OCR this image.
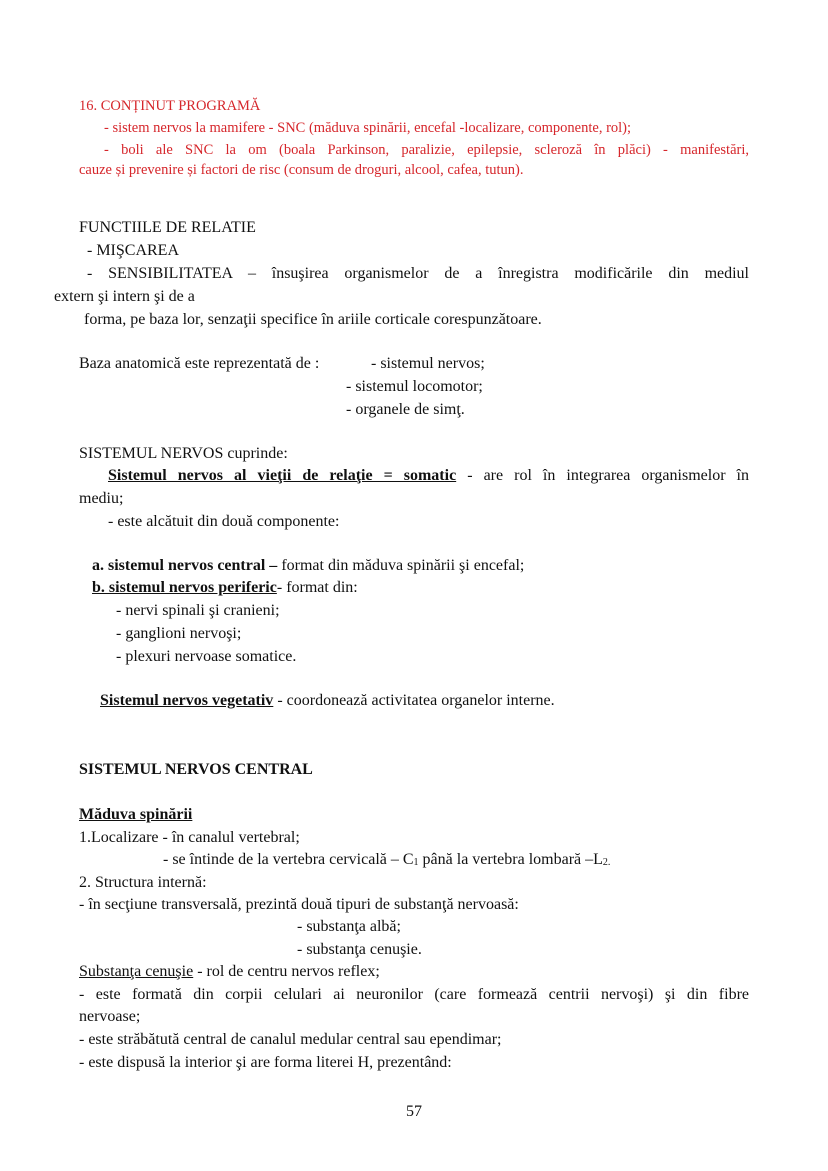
16. CONȚINUT PROGRAMĂ
- sistem nervos la mamifere - SNC (măduva spinării, encefal -localizare, componente, rol);
- boli ale SNC la om (boala Parkinson, paralizie, epilepsie, scleroză în plăci) - manifestări,
cauze și prevenire și factori de risc (consum de droguri, alcool, cafea, tutun).
FUNCTIILE DE RELATIE
- MIŞCAREA
- SENSIBILITATEA – însuşirea organismelor de a înregistra modificările din mediul
extern şi intern şi de a
forma, pe baza lor, senzaţii specifice în ariile corticale corespunzătoare.
Baza anatomică este reprezentată de :	- sistemul nervos;
- sistemul locomotor;
- organele de simţ.
SISTEMUL NERVOS cuprinde:
Sistemul nervos al vieţii de relaţie = somatic - are rol în integrarea organismelor în
mediu;
- este alcătuit din două componente:
a. sistemul nervos central – format din măduva spinării şi encefal;
b. sistemul nervos periferic- format din:
- nervi spinali şi cranieni;
- ganglioni nervoşi;
- plexuri nervoase somatice.
Sistemul nervos vegetativ - coordonează activitatea organelor interne.
SISTEMUL NERVOS CENTRAL
Măduva spinării
1.Localizare - în canalul vertebral;
- se întinde de la vertebra cervicală – $C_1$ până la vertebra lombară $-L_{2.}$
2. Structura internă:
- în secţiune transversală, prezintă două tipuri de substanţă nervoasă:
- substanţa albă;
- substanţa cenuşie.
Substanţa cenuşie - rol de centru nervos reflex;
- este formată din corpii celulari ai neuronilor (care formează centrii nervoşi) şi din fibre
nervoase;
- este străbătută central de canalul medular central sau ependimar;
- este dispusă la interior şi are forma literei H, prezentând:
57
